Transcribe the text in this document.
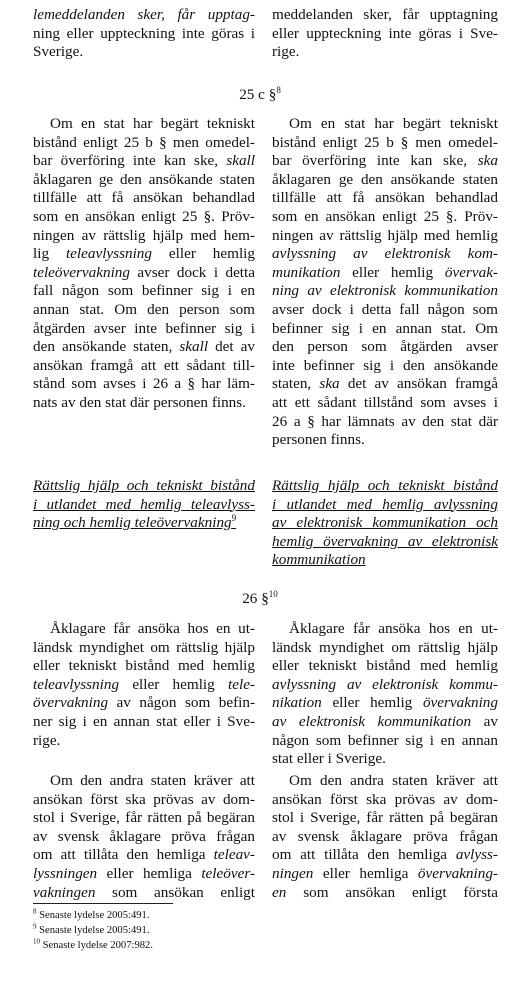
lemeddelanden sker, får upptag-
ning eller uppteckning inte göras i
Sverige.
meddelanden sker, får upptagning
eller uppteckning inte göras i Sve-
rige.
25 c §$^8$
Om en stat har begärt tekniskt
bistånd enligt 25 b § men omedel-
bar överföring inte kan ske, skall
åklagaren ge den ansökande staten
tillfälle att få ansökan behandlad
som en ansökan enligt 25 §. Pröv-
ningen av rättslig hjälp med hem-
lig teleavlyssning eller hemlig
teleövervakning avser dock i detta
fall någon som befinner sig i en
annan stat. Om den person som
åtgärden avser inte befinner sig i
den ansökande staten, skall det av
ansökan framgå att ett sådant till-
stånd som avses i 26 a § har läm-
nats av den stat där personen finns.
Om en stat har begärt tekniskt
bistånd enligt 25 b § men omedel-
bar överföring inte kan ske, ska
åklagaren ge den ansökande staten
tillfälle att få ansökan behandlad
som en ansökan enligt 25 §. Pröv-
ningen av rättslig hjälp med hemlig
avlyssning av elektronisk kom-
munikation eller hemlig övervak-
ning av elektronisk kommunikation
avser dock i detta fall någon som
befinner sig i en annan stat. Om
den person som åtgärden avser
inte befinner sig i den ansökande
staten, ska det av ansökan framgå
att ett sådant tillstånd som avses i
26 a § har lämnats av den stat där
personen finns.
Rättslig hjälp och tekniskt bistånd
i utlandet med hemlig teleavlyss-
ning och hemlig teleövervakning$^9$
Rättslig hjälp och tekniskt bistånd
i utlandet med hemlig avlyssning
av elektronisk kommunikation och
hemlig övervakning av elektronisk
kommunikation
26 §$^{10}$
Åklagare får ansöka hos en ut-
ländsk myndighet om rättslig hjälp
eller tekniskt bistånd med hemlig
teleavlyssning eller hemlig tele-
övervakning av någon som befin-
ner sig i en annan stat eller i Sve-
rige.
Åklagare får ansöka hos en ut-
ländsk myndighet om rättslig hjälp
eller tekniskt bistånd med hemlig
avlyssning av elektronisk kommu-
nikation eller hemlig övervakning
av elektronisk kommunikation av
någon som befinner sig i en annan
stat eller i Sverige.
Om den andra staten kräver att
ansökan först ska prövas av dom-
stol i Sverige, får rätten på begäran
av svensk åklagare pröva frågan
om att tillåta den hemliga teleav-
lyssningen eller hemliga teleöver-
vakningen som ansökan enligt
Om den andra staten kräver att
ansökan först ska prövas av dom-
stol i Sverige, får rätten på begäran
av svensk åklagare pröva frågan
om att tillåta den hemliga avlyss-
ningen eller hemliga övervakning-
en som ansökan enligt första
$^8$ Senaste lydelse 2005:491.
$^9$ Senaste lydelse 2005:491.
$^{10}$ Senaste lydelse 2007:982.
